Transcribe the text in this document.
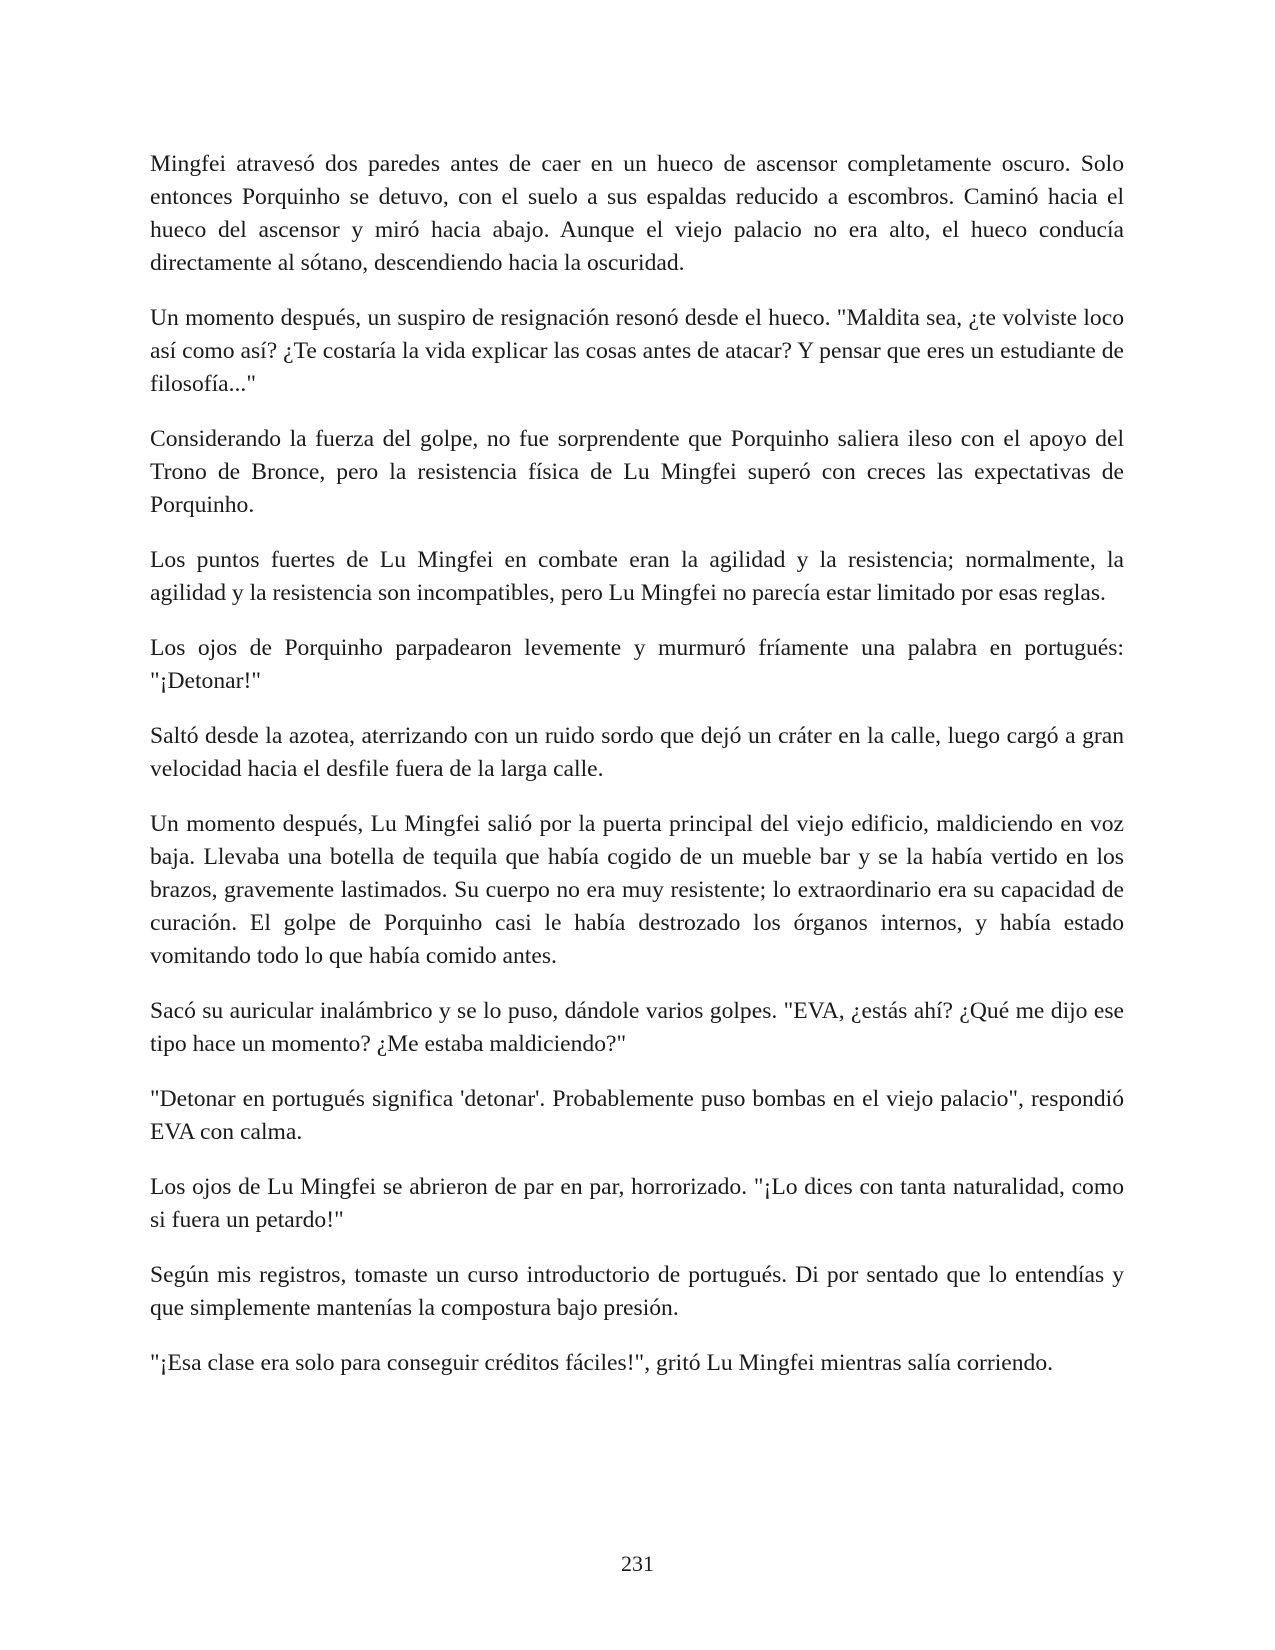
Mingfei atravesó dos paredes antes de caer en un hueco de ascensor completamente oscuro. Solo entonces Porquinho se detuvo, con el suelo a sus espaldas reducido a escombros. Caminó hacia el hueco del ascensor y miró hacia abajo. Aunque el viejo palacio no era alto, el hueco conducía directamente al sótano, descendiendo hacia la oscuridad.

Un momento después, un suspiro de resignación resonó desde el hueco. "Maldita sea, ¿te volviste loco así como así? ¿Te costaría la vida explicar las cosas antes de atacar? Y pensar que eres un estudiante de filosofía..."

Considerando la fuerza del golpe, no fue sorprendente que Porquinho saliera ileso con el apoyo del Trono de Bronce, pero la resistencia física de Lu Mingfei superó con creces las expectativas de Porquinho.

Los puntos fuertes de Lu Mingfei en combate eran la agilidad y la resistencia; normalmente, la agilidad y la resistencia son incompatibles, pero Lu Mingfei no parecía estar limitado por esas reglas.

Los ojos de Porquinho parpadearon levemente y murmuró fríamente una palabra en portugués: "¡Detonar!"

Saltó desde la azotea, aterrizando con un ruido sordo que dejó un cráter en la calle, luego cargó a gran velocidad hacia el desfile fuera de la larga calle.

Un momento después, Lu Mingfei salió por la puerta principal del viejo edificio, maldiciendo en voz baja. Llevaba una botella de tequila que había cogido de un mueble bar y se la había vertido en los brazos, gravemente lastimados. Su cuerpo no era muy resistente; lo extraordinario era su capacidad de curación. El golpe de Porquinho casi le había destrozado los órganos internos, y había estado vomitando todo lo que había comido antes.

Sacó su auricular inalámbrico y se lo puso, dándole varios golpes. "EVA, ¿estás ahí? ¿Qué me dijo ese tipo hace un momento? ¿Me estaba maldiciendo?"

"Detonar en portugués significa 'detonar'. Probablemente puso bombas en el viejo palacio", respondió EVA con calma.

Los ojos de Lu Mingfei se abrieron de par en par, horrorizado. "¡Lo dices con tanta naturalidad, como si fuera un petardo!"

Según mis registros, tomaste un curso introductorio de portugués. Di por sentado que lo entendías y que simplemente mantenías la compostura bajo presión.

"¡Esa clase era solo para conseguir créditos fáciles!", gritó Lu Mingfei mientras salía corriendo.

231
